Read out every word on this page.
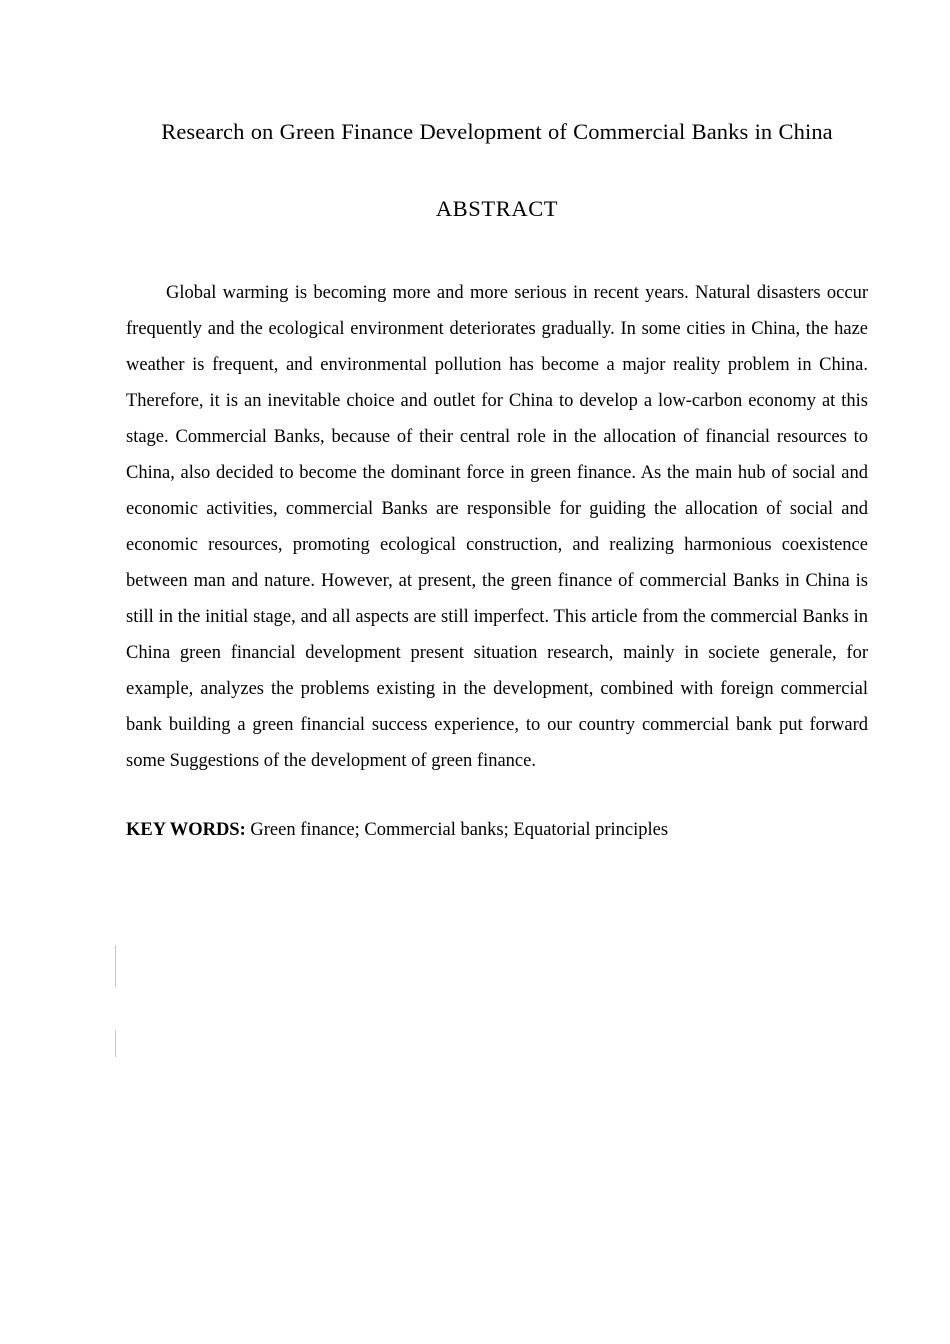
Research on Green Finance Development of Commercial Banks in China
ABSTRACT

Global warming is becoming more and more serious in recent years. Natural disasters occur frequently and the ecological environment deteriorates gradually. In some cities in China, the haze weather is frequent, and environmental pollution has become a major reality problem in China. Therefore, it is an inevitable choice and outlet for China to develop a low-carbon economy at this stage. Commercial Banks, because of their central role in the allocation of financial resources to China, also decided to become the dominant force in green finance. As the main hub of social and economic activities, commercial Banks are responsible for guiding the allocation of social and economic resources, promoting ecological construction, and realizing harmonious coexistence between man and nature. However, at present, the green finance of commercial Banks in China is still in the initial stage, and all aspects are still imperfect. This article from the commercial Banks in China green financial development present situation research, mainly in societe generale, for example, analyzes the problems existing in the development, combined with foreign commercial bank building a green financial success experience, to our country commercial bank put forward some Suggestions of the development of green finance.

KEY WORDS: Green finance; Commercial banks; Equatorial principles
